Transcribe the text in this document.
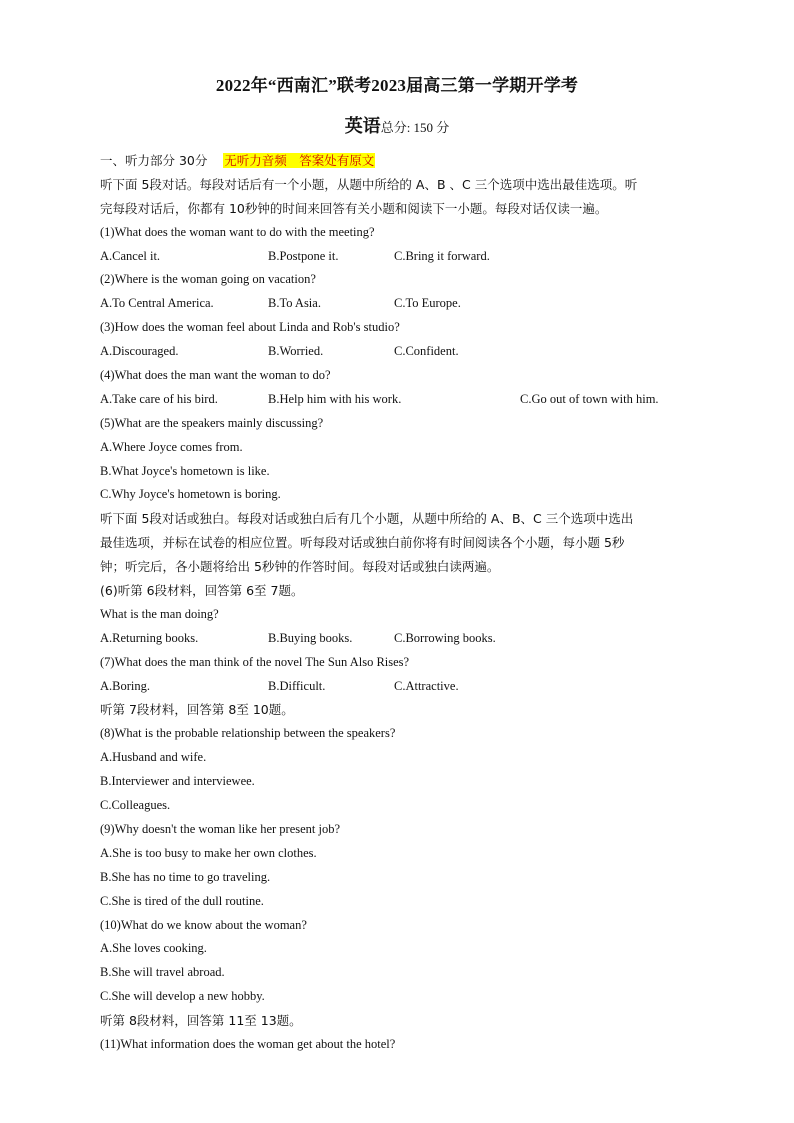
2022年“西南汇”联考2023届高三第一学期开学考
英语总分: 150 分
一、听力部分 30分 无听力音频　答案处有原文
听下面 5段对话。每段对话后有一个小题，从题中所给的 A、B 、C 三个选项中选出最佳选项。听
完每段对话后，你都有 10秒钟的时间来回答有关小题和阅读下一小题。每段对话仅读一遍。
(1)What does the woman want to do with the meeting?
A.Cancel it.	B.Postpone it.	C.Bring it forward.
(2)Where is the woman going on vacation?
A.To Central America.	B.To Asia.	C.To Europe.
(3)How does the woman feel about Linda and Rob's studio?
A.Discouraged.	B.Worried.	C.Confident.
(4)What does the man want the woman to do?
A.Take care of his bird.	B.Help him with his work.	C.Go out of town with him.
(5)What are the speakers mainly discussing?
A.Where Joyce comes from.
B.What Joyce's hometown is like.
C.Why Joyce's hometown is boring.
听下面 5段对话或独白。每段对话或独白后有几个小题，从题中所给的 A、B、C 三个选项中选出
最佳选项，并标在试卷的相应位置。听每段对话或独白前你将有时间阅读各个小题，每小题 5秒
钟；听完后，各小题将给出 5秒钟的作答时间。每段对话或独白读两遍。
(6)听第 6段材料，回答第 6至 7题。
What is the man doing?
A.Returning books.	B.Buying books.	C.Borrowing books.
(7)What does the man think of the novel The Sun Also Rises?
A.Boring.	B.Difficult.	C.Attractive.
听第 7段材料，回答第 8至 10题。
(8)What is the probable relationship between the speakers?
A.Husband and wife.
B.Interviewer and interviewee.
C.Colleagues.
(9)Why doesn't the woman like her present job?
A.She is too busy to make her own clothes.
B.She has no time to go traveling.
C.She is tired of the dull routine.
(10)What do we know about the woman?
A.She loves cooking.
B.She will travel abroad.
C.She will develop a new hobby.
听第 8段材料，回答第 11至 13题。
(11)What information does the woman get about the hotel?
